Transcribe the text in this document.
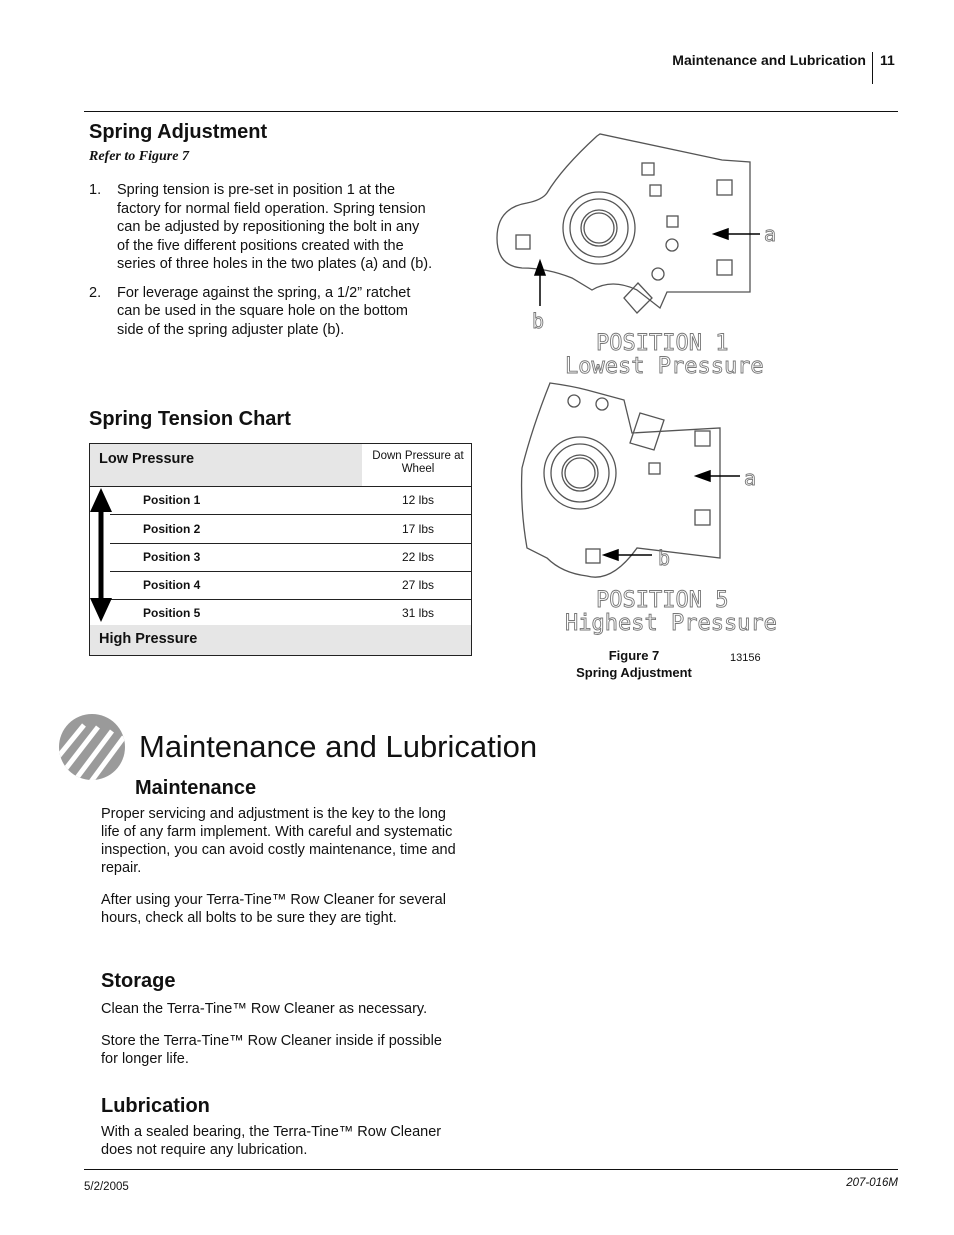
Maintenance and Lubrication 11
Spring Adjustment
Refer to Figure 7
1. Spring tension is pre-set in position 1 at the factory for normal field operation. Spring tension can be adjusted by repositioning the bolt in any of the five different positions created with the series of three holes in the two plates (a) and (b).
2. For leverage against the spring, a 1/2” ratchet can be used in the square hole on the bottom side of the spring adjuster plate (b).
Spring Tension Chart
Low Pressure	Down Pressure at Wheel
Position 1	12 lbs
Position 2	17 lbs
Position 3	22 lbs
Position 4	27 lbs
Position 5	31 lbs
High Pressure
a
b
POSITION 1
Lowest Pressure
a
b
POSITION 5
Highest Pressure
Figure 7
Spring Adjustment
13156
Maintenance and Lubrication
Maintenance

Proper servicing and adjustment is the key to the long life of any farm implement. With careful and systematic inspection, you can avoid costly maintenance, time and repair.

After using your Terra-Tine™ Row Cleaner for several hours, check all bolts to be sure they are tight.

Storage

Clean the Terra-Tine™ Row Cleaner as necessary.

Store the Terra-Tine™ Row Cleaner inside if possible for longer life.

Lubrication

With a sealed bearing, the Terra-Tine™ Row Cleaner does not require any lubrication.

5/2/2005	207-016M
